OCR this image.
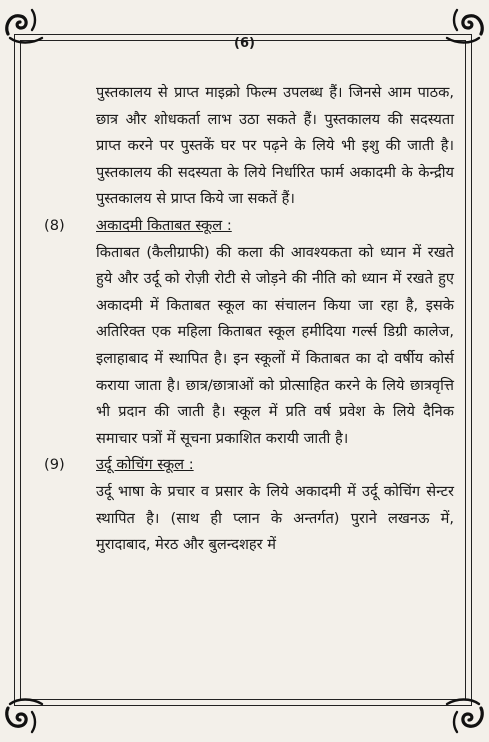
(6)

पुस्तकालय से प्राप्त माइक्रो फिल्म उपलब्ध हैं। जिनसे आम पाठक, छात्र और शोधकर्ता लाभ उठा सकते हैं। पुस्तकालय की सदस्यता प्राप्त करने पर पुस्तकें घर पर पढ़ने के लिये भी इशु की जाती है। पुस्तकालय की सदस्यता के लिये निर्धारित फार्म अकादमी के केन्द्रीय पुस्तकालय से प्राप्त किये जा सकतें हैं।

(8)	अकादमी किताबत स्कूल :

किताबत (कैलीग्राफी) की कला की आवश्यकता को ध्यान में रखते हुये और उर्दू को रोज़ी रोटी से जोड़ने की नीति को ध्यान में रखते हुए अकादमी में किताबत स्कूल का संचालन किया जा रहा है, इसके अतिरिक्त एक महिला किताबत स्कूल हमीदिया गर्ल्स डिग्री कालेज, इलाहाबाद में स्थापित है। इन स्कूलों में किताबत का दो वर्षीय कोर्स कराया जाता है। छात्र/छात्राओं को प्रोत्साहित करने के लिये छात्रवृत्ति भी प्रदान की जाती है। स्कूल में प्रति वर्ष प्रवेश के लिये दैनिक समाचार पत्रों में सूचना प्रकाशित करायी जाती है।

(9)	उर्दू कोचिंग स्कूल :

उर्दू भाषा के प्रचार व प्रसार के लिये अकादमी में उर्दू कोचिंग सेन्टर स्थापित है। (साथ ही प्लान के अन्तर्गत) पुराने लखनऊ में, मुरादाबाद, मेरठ और बुलन्दशहर में
